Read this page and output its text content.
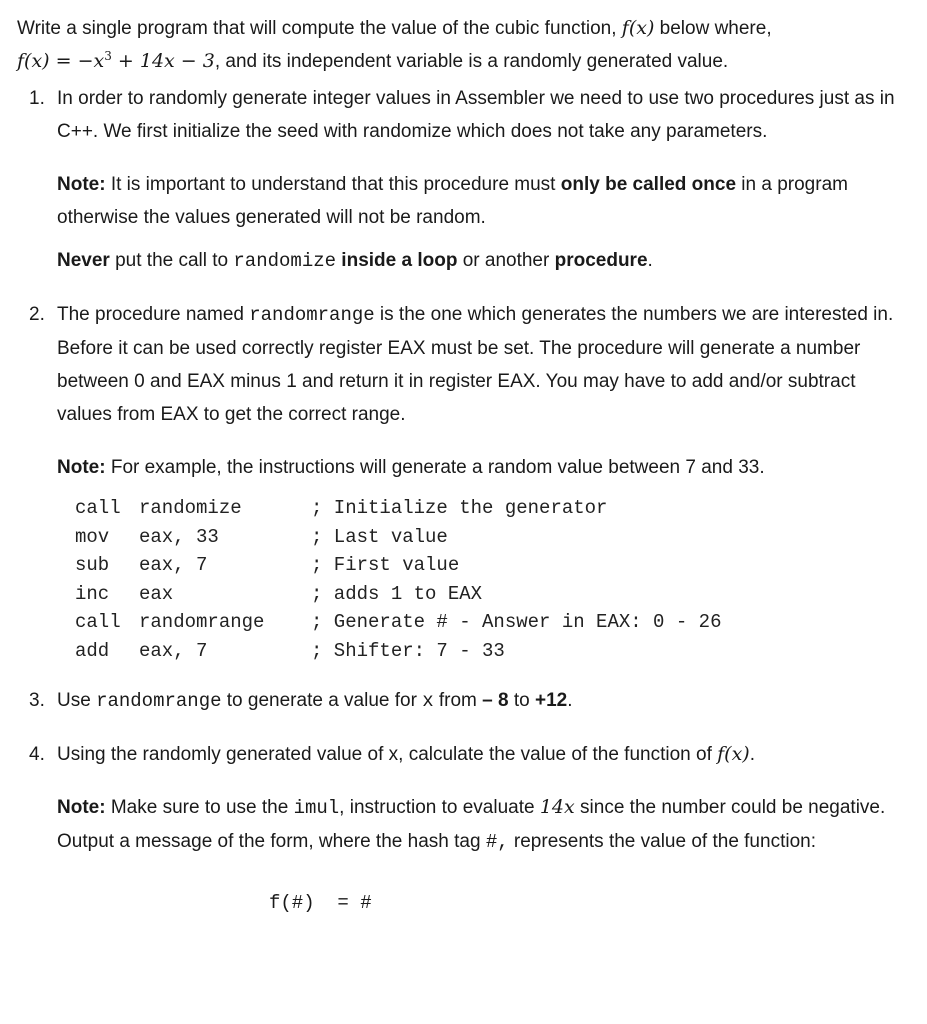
Write a single program that will compute the value of the cubic function, f(x) below where,
$f(x) = -x^3 + 14x - 3$, and its independent variable is a randomly generated value.

1. In order to randomly generate integer values in Assembler we need to use two procedures just as in C++. We first initialize the seed with randomize which does not take any parameters.

Note: It is important to understand that this procedure must only be called once in a program otherwise the values generated will not be random.

Never put the call to randomize inside a loop or another procedure.

2. The procedure named randomrange is the one which generates the numbers we are interested in. Before it can be used correctly register EAX must be set. The procedure will generate a number between 0 and EAX minus 1 and return it in register EAX. You may have to add and/or subtract values from EAX to get the correct range.

Note: For example, the instructions will generate a random value between 7 and 33.

call randomize	; Initialize the generator
mov	eax, 33	; Last value
sub	eax, 7	; First value
inc	eax	; adds 1 to EAX
call randomrange	; Generate # - Answer in EAX: 0 - 26
add	eax, 7	; Shifter: 7 - 33
3. Use randomrange to generate a value for x from – 8 to +12.

4. Using the randomly generated value of x, calculate the value of the function of f(x).

Note: Make sure to use the imul, instruction to evaluate 14x since the number could be negative. Output a message of the form, where the hash tag #, represents the value of the function:

f(#)  = #
